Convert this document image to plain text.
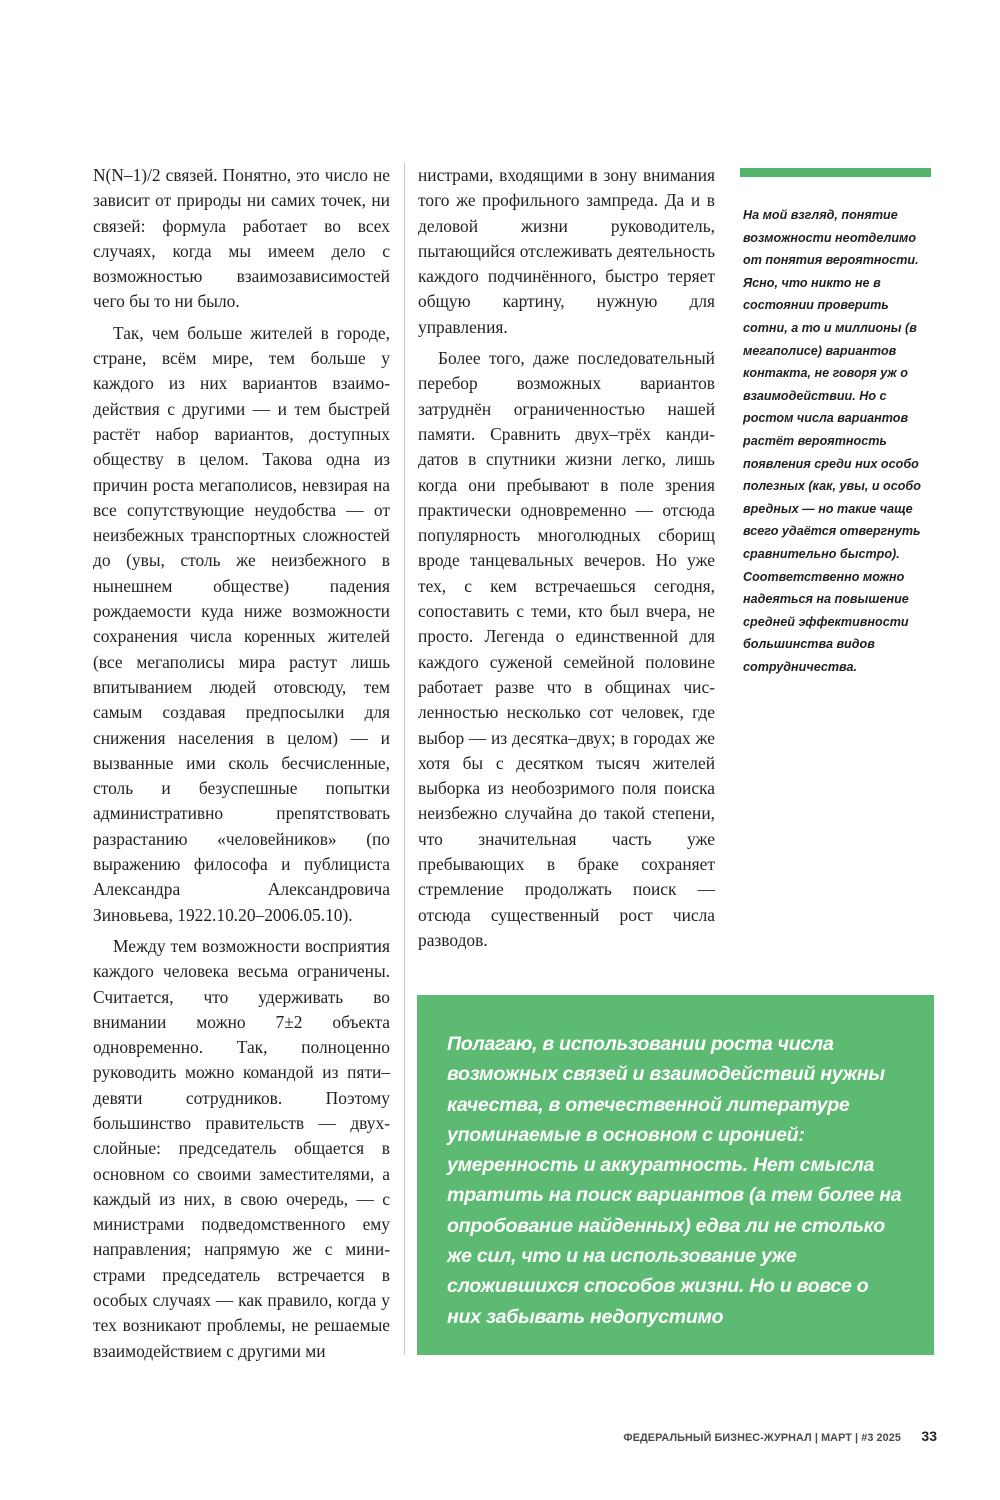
N(N–1)/2 связей. Понятно, это число не зависит от природы ни самих точек, ни связей: формула работает во всех случаях, когда мы имеем дело с возможностью взаимозависимостей чего бы то ни было.

Так, чем больше жителей в городе, стране, всём мире, тем больше у каждого из них вариантов взаимодействия с другими — и тем быстрей растёт набор вариантов, доступных обществу в целом. Такова одна из причин роста мегаполисов, невзирая на все сопутствующие неудобства — от неизбежных транспортных сложностей до (увы, столь же неизбежного в нынешнем обществе) падения рождаемости куда ниже возможности сохранения числа коренных жителей (все мегаполисы мира растут лишь впитыванием людей отовсюду, тем самым создавая предпосылки для снижения населения в целом) — и вызванные ими сколь бесчисленные, столь и безуспешные попытки административно препятствовать разрастанию «человейников» (по выражению философа и публициста Александра Александровича Зиновьева, 1922.10.20–2006.05.10).

Между тем возможности восприятия каждого человека весьма ограничены. Считается, что удерживать во внимании можно 7±2 объекта одновременно. Так, полноценно руководить можно командой из пяти–девяти сотрудников. Поэтому большинство правительств — двухслойные: председатель общается в основном со своими заместителями, а каждый из них, в свою очередь, — с министрами подведомственного ему направления; напрямую же с министрами председатель встречается в особых случаях — как правило, когда у тех возникают проблемы, не решаемые взаимодействием с другими ми

нистрами, входящими в зону внимания того же профильного зампреда. Да и в деловой жизни руководитель, пытающийся отслеживать деятельность каждого подчинённого, быстро теряет общую картину, нужную для управления.

Более того, даже последовательный перебор возможных вариантов затруднён ограниченностью нашей памяти. Сравнить двух–трёх кандидатов в спутники жизни легко, лишь когда они пребывают в поле зрения практически одновременно — отсюда популярность многолюдных сборищ вроде танцевальных вечеров. Но уже тех, с кем встречаешься сегодня, сопоставить с теми, кто был вчера, не просто. Легенда о единственной для каждого суженой семейной половине работает разве что в общинах численностью несколько сот человек, где выбор — из десятка–двух; в городах же хотя бы с десятком тысяч жителей выборка из необозримого поля поиска неизбежно случайна до такой степени, что значительная часть уже пребывающих в браке сохраняет стремление продолжать поиск — отсюда существенный рост числа разводов.

На мой взгляд, понятие возможности неотделимо от понятия вероятности. Ясно, что никто не в состоянии проверить сотни, а то и миллионы (в мегаполисе) вариантов контакта, не говоря уж о взаимодействии. Но с ростом числа вариантов растёт вероятность появления среди них особо полезных (как, увы, и особо вредных — но такие чаще всего удаётся отвергнуть сравнительно быстро). Соответственно можно надеяться на повышение средней эффективности большинства видов сотрудничества.

Полагаю, в использовании роста числа возможных связей и взаимодействий нужны качества, в отечественной литературе упоминаемые в основном с иронией: умеренность и аккуратность. Нет смысла тратить на поиск вариантов (а тем более на опробование найденных) едва ли не столько же сил, что и на использование уже сложившихся способов жизни. Но и вовсе о них забывать недопустимо

ФЕДЕРАЛЬНЫЙ БИЗНЕС-ЖУРНАЛ | МАРТ | #3 2025 33
